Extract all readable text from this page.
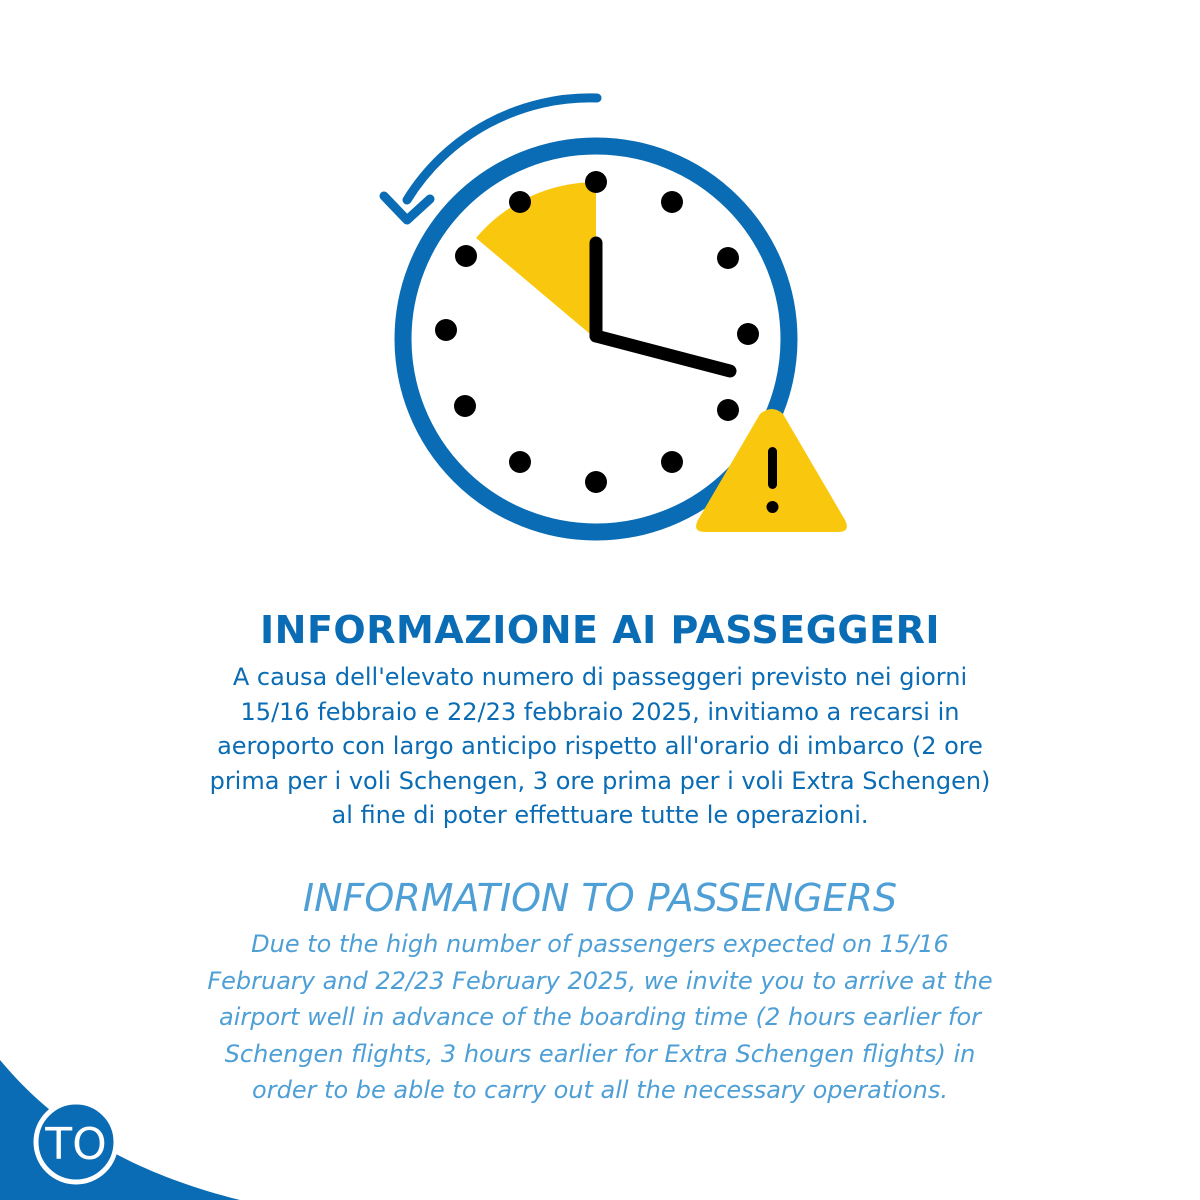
INFORMAZIONE AI PASSEGGERI
A causa dell'elevato numero di passeggeri previsto nei giorni
15/16 febbraio e 22/23 febbraio 2025, invitiamo a recarsi in
aeroporto con largo anticipo rispetto all'orario di imbarco (2 ore
prima per i voli Schengen, 3 ore prima per i voli Extra Schengen)
al fine di poter effettuare tutte le operazioni.
INFORMATION TO PASSENGERS
Due to the high number of passengers expected on 15/16
February and 22/23 February 2025, we invite you to arrive at the
airport well in advance of the boarding time (2 hours earlier for
Schengen flights, 3 hours earlier for Extra Schengen flights) in
order to be able to carry out all the necessary operations.
TO
